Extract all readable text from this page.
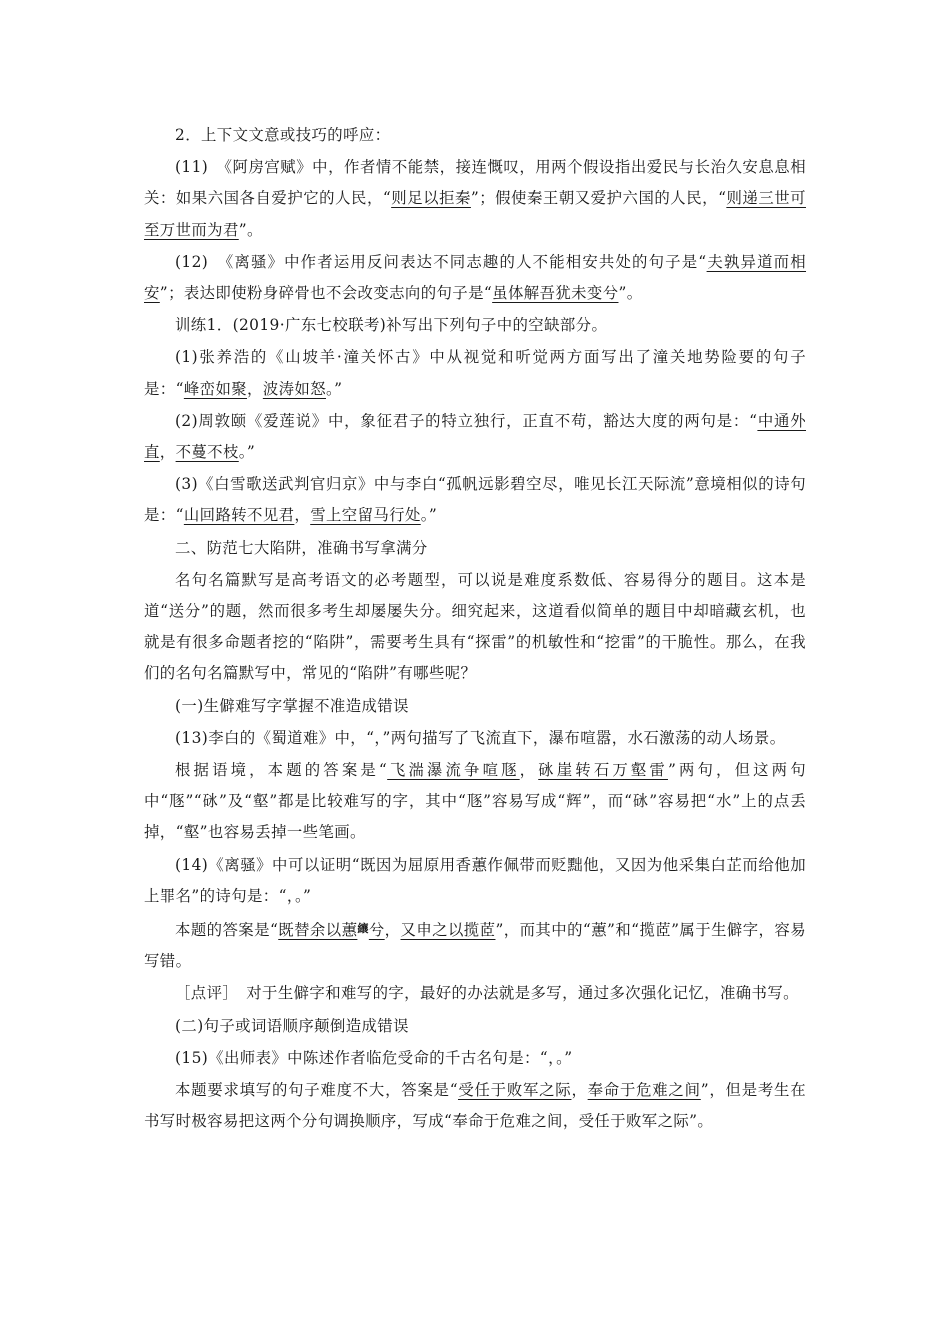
2．上下文文意或技巧的呼应：

(11)　《阿房宫赋》中，作者情不能禁，接连慨叹，用两个假设指出爱民与长治久安息息相关：如果六国各自爱护它的人民，“则足以拒秦”；假使秦王朝又爱护六国的人民，“则递三世可至万世而为君”。

(12)　《离骚》中作者运用反问表达不同志趣的人不能相安共处的句子是“夫孰异道而相安”；表达即使粉身碎骨也不会改变志向的句子是“虽体解吾犹未变兮”。

训练1．(2019·广东七校联考)补写出下列句子中的空缺部分。

(1)张养浩的《山坡羊·潼关怀古》中从视觉和听觉两方面写出了潼关地势险要的句子是：“峰峦如聚，波涛如怒。”

(2)周敦颐《爱莲说》中，象征君子的特立独行，正直不苟，豁达大度的两句是：“中通外直，不蔓不枝。”

(3)《白雪歌送武判官归京》中与李白“孤帆远影碧空尽，唯见长江天际流”意境相似的诗句是：“山回路转不见君，雪上空留马行处。”

二、防范七大陷阱，准确书写拿满分

名句名篇默写是高考语文的必考题型，可以说是难度系数低、容易得分的题目。这本是道“送分”的题，然而很多考生却屡屡失分。细究起来，这道看似简单的题目中却暗藏玄机，也就是有很多命题者挖的“陷阱”，需要考生具有“探雷”的机敏性和“挖雷”的干脆性。那么，在我们的名句名篇默写中，常见的“陷阱”有哪些呢？

(一)生僻难写字掌握不准造成错误

(13)李白的《蜀道难》中，“，”两句描写了飞流直下，瀑布喧嚣，水石激荡的动人场景。

根据语境，本题的答案是“飞湍瀑流争喧豗，砯崖转石万壑雷”两句，但这两句中“豗”“砯”及“壑”都是比较难写的字，其中“豗”容易写成“辉”，而“砯”容易把“水”上的点丢掉，“壑”也容易丢掉一些笔画。

(14)《离骚》中可以证明“既因为屈原用香蕙作佩带而贬黜他，又因为他采集白芷而给他加上罪名”的诗句是：“，。”

本题的答案是“既替余以蕙纕兮，又申之以揽茝”，而其中的“蕙”和“揽茝”属于生僻字，容易写错。

［点评］　对于生僻字和难写的字，最好的办法就是多写，通过多次强化记忆，准确书写。

(二)句子或词语顺序颠倒造成错误

(15)《出师表》中陈述作者临危受命的千古名句是：“，。”

本题要求填写的句子难度不大，答案是“受任于败军之际，奉命于危难之间”，但是考生在书写时极容易把这两个分句调换顺序，写成“奉命于危难之间，受任于败军之际”。
